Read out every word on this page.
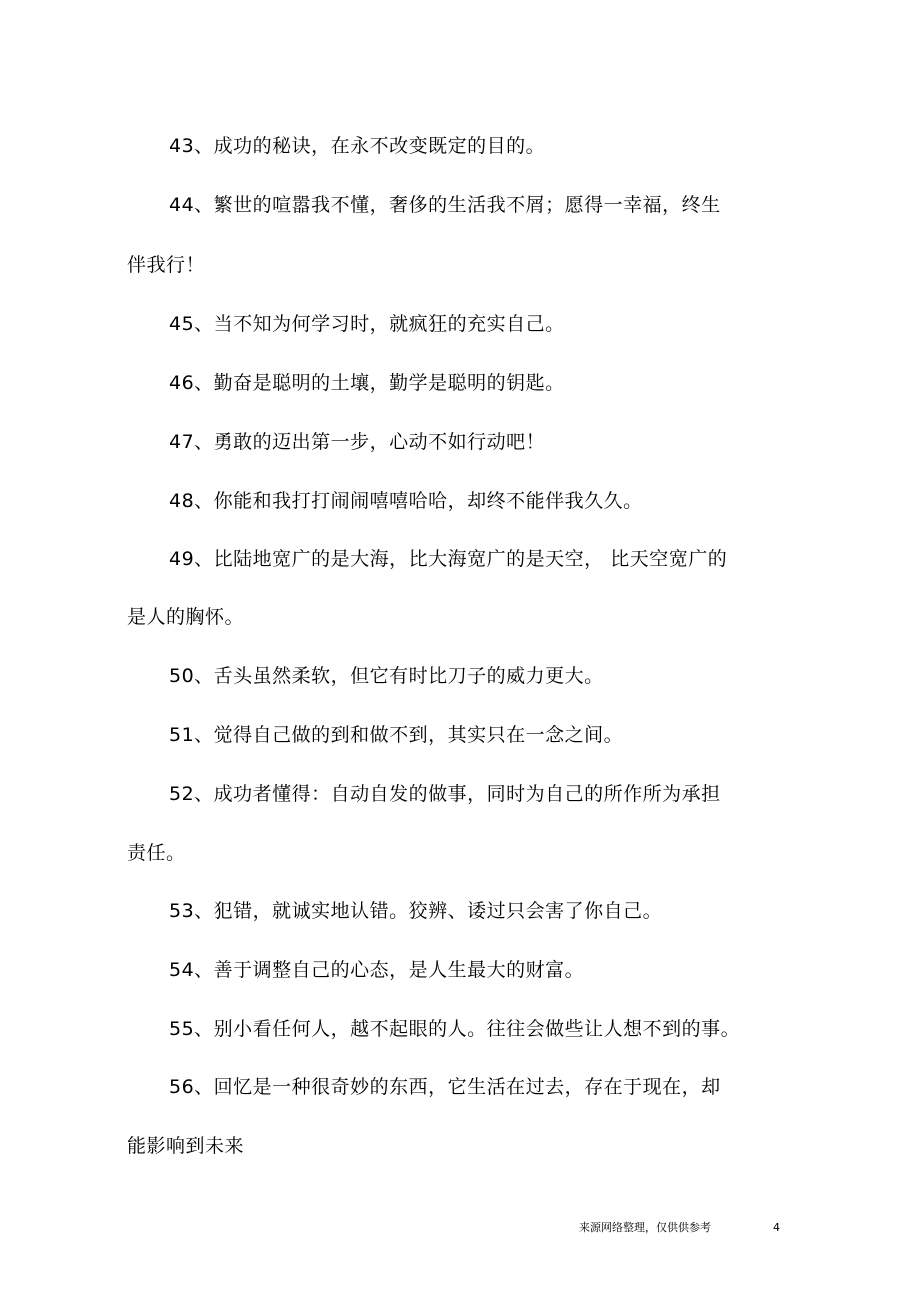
43、成功的秘诀，在永不改变既定的目的。
44、繁世的喧嚣我不懂，奢侈的生活我不屑；愿得一幸福，终生
伴我行！
45、当不知为何学习时，就疯狂的充实自己。
46、勤奋是聪明的土壤，勤学是聪明的钥匙。
47、勇敢的迈出第一步，心动不如行动吧！
48、你能和我打打闹闹嘻嘻哈哈，却终不能伴我久久。
49、比陆地宽广的是大海，比大海宽广的是天空， 比天空宽广的
是人的胸怀。
50、舌头虽然柔软，但它有时比刀子的威力更大。
51、觉得自己做的到和做不到，其实只在一念之间。
52、成功者懂得：自动自发的做事，同时为自己的所作所为承担
责任。
53、犯错，就诚实地认错。狡辨、诿过只会害了你自己。
54、善于调整自己的心态，是人生最大的财富。
55、别小看任何人，越不起眼的人。往往会做些让人想不到的事。
56、回忆是一种很奇妙的东西，它生活在过去，存在于现在，却
能影响到未来
来源网络整理，仅供供参考	4
